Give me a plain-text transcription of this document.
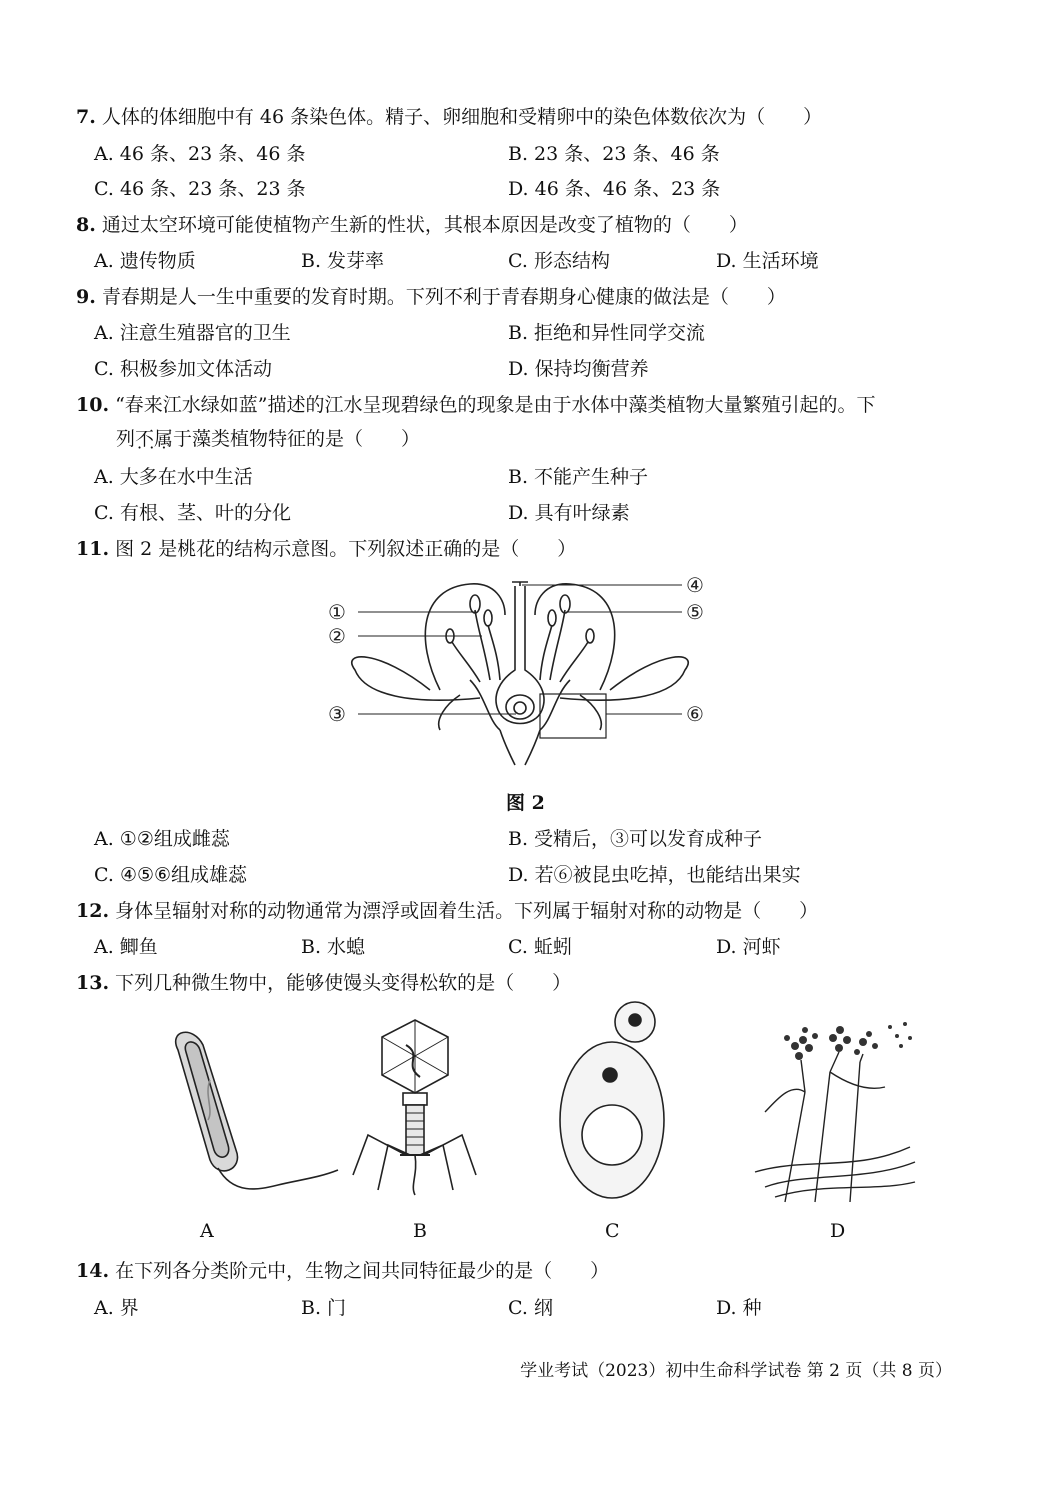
7. 人体的体细胞中有 46 条染色体。精子、卵细胞和受精卵中的染色体数依次为（　　）
A. 46 条、23 条、46 条	B. 23 条、23 条、46 条
C. 46 条、23 条、23 条	D. 46 条、46 条、23 条
8. 通过太空环境可能使植物产生新的性状，其根本原因是改变了植物的（　　）
A. 遗传物质	B. 发芽率	C. 形态结构	D. 生活环境
9. 青春期是人一生中重要的发育时期。下列不利于青春期身心健康的做法是（　　）
A. 注意生殖器官的卫生	B. 拒绝和异性同学交流
C. 积极参加文体活动	D. 保持均衡营养
10. “春来江水绿如蓝”描述的江水呈现碧绿色的现象是由于水体中藻类植物大量繁殖引起的。下
列不属于 · · ·藻类植物特征的是（　　）
A. 大多在水中生活	B. 不能产生种子
C. 有根、茎、叶的分化	D. 具有叶绿素
11. 图 2 是桃花的结构示意图。下列叙述正确的是（　　）
①
②
③
④
⑤
⑥
图 2
A. ①②组成雌蕊	B. 受精后，③可以发育成种子
C. ④⑤⑥组成雄蕊	D. 若⑥被昆虫吃掉，也能结出果实
12. 身体呈辐射对称的动物通常为漂浮或固着生活。下列属于辐射对称的动物是（　　）
A. 鲫鱼	B. 水螅	C. 蚯蚓	D. 河虾
13. 下列几种微生物中，能够使馒头变得松软的是（　　）
A	B	C	D
14. 在下列各分类阶元中，生物之间共同特征最少的是（　　）
A. 界	B. 门	C. 纲	D. 种
学业考试（2023）初中生命科学试卷 第 2 页（共 8 页）
